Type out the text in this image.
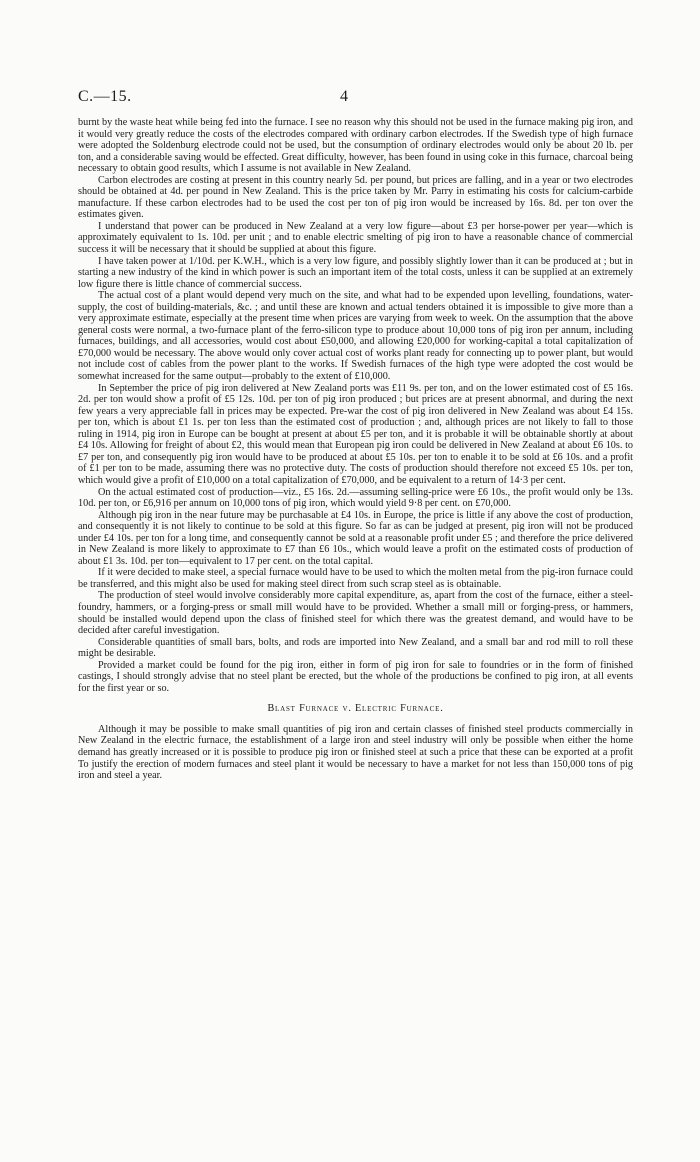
C.—15.	4

burnt by the waste heat while being fed into the furnace. I see no reason why this should not be used in the furnace making pig iron, and it would very greatly reduce the costs of the electrodes compared with ordinary carbon electrodes. If the Swedish type of high furnace were adopted the Soldenburg electrode could not be used, but the consumption of ordinary electrodes would only be about 20 lb. per ton, and a considerable saving would be effected. Great difficulty, however, has been found in using coke in this furnace, charcoal being necessary to obtain good results, which I assume is not available in New Zealand.

Carbon electrodes are costing at present in this country nearly 5d. per pound, but prices are falling, and in a year or two electrodes should be obtained at 4d. per pound in New Zealand. This is the price taken by Mr. Parry in estimating his costs for calcium-carbide manufacture. If these carbon electrodes had to be used the cost per ton of pig iron would be increased by 16s. 8d. per ton over the estimates given.

I understand that power can be produced in New Zealand at a very low figure—about £3 per horse-power per year—which is approximately equivalent to 1s. 10d. per unit ; and to enable electric smelting of pig iron to have a reasonable chance of commercial success it will be necessary that it should be supplied at about this figure.

I have taken power at 1/10d. per K.W.H., which is a very low figure, and possibly slightly lower than it can be produced at ; but in starting a new industry of the kind in which power is such an important item of the total costs, unless it can be supplied at an extremely low figure there is little chance of commercial success.

The actual cost of a plant would depend very much on the site, and what had to be expended upon levelling, foundations, water-supply, the cost of building-materials, &c. ; and until these are known and actual tenders obtained it is impossible to give more than a very approximate estimate, especially at the present time when prices are varying from week to week. On the assumption that the above general costs were normal, a two-furnace plant of the ferro-silicon type to produce about 10,000 tons of pig iron per annum, including furnaces, buildings, and all accessories, would cost about £50,000, and allowing £20,000 for working-capital a total capitalization of £70,000 would be necessary. The above would only cover actual cost of works plant ready for connecting up to power plant, but would not include cost of cables from the power plant to the works. If Swedish furnaces of the high type were adopted the cost would be somewhat increased for the same output—probably to the extent of £10,000.

In September the price of pig iron delivered at New Zealand ports was £11 9s. per ton, and on the lower estimated cost of £5 16s. 2d. per ton would show a profit of £5 12s. 10d. per ton of pig iron produced ; but prices are at present abnormal, and during the next few years a very appreciable fall in prices may be expected. Pre-war the cost of pig iron delivered in New Zealand was about £4 15s. per ton, which is about £1 1s. per ton less than the estimated cost of production ; and, although prices are not likely to fall to those ruling in 1914, pig iron in Europe can be bought at present at about £5 per ton, and it is probable it will be obtainable shortly at about £4 10s. Allowing for freight of about £2, this would mean that European pig iron could be delivered in New Zealand at about £6 10s. to £7 per ton, and consequently pig iron would have to be produced at about £5 10s. per ton to enable it to be sold at £6 10s. and a profit of £1 per ton to be made, assuming there was no protective duty. The costs of production should therefore not exceed £5 10s. per ton, which would give a profit of £10,000 on a total capitalization of £70,000, and be equivalent to a return of 14·3 per cent.

On the actual estimated cost of production—viz., £5 16s. 2d.—assuming selling-price were £6 10s., the profit would only be 13s. 10d. per ton, or £6,916 per annum on 10,000 tons of pig iron, which would yield 9·8 per cent. on £70,000.

Although pig iron in the near future may be purchasable at £4 10s. in Europe, the price is little if any above the cost of production, and consequently it is not likely to continue to be sold at this figure. So far as can be judged at present, pig iron will not be produced under £4 10s. per ton for a long time, and consequently cannot be sold at a reasonable profit under £5 ; and therefore the price delivered in New Zealand is more likely to approximate to £7 than £6 10s., which would leave a profit on the estimated costs of production of about £1 3s. 10d. per ton—equivalent to 17 per cent. on the total capital.

If it were decided to make steel, a special furnace would have to be used to which the molten metal from the pig-iron furnace could be transferred, and this might also be used for making steel direct from such scrap steel as is obtainable.

The production of steel would involve considerably more capital expenditure, as, apart from the cost of the furnace, either a steel-foundry, hammers, or a forging-press or small mill would have to be provided. Whether a small mill or forging-press, or hammers, should be installed would depend upon the class of finished steel for which there was the greatest demand, and would have to be decided after careful investigation.

Considerable quantities of small bars, bolts, and rods are imported into New Zealand, and a small bar and rod mill to roll these might be desirable.

Provided a market could be found for the pig iron, either in form of pig iron for sale to foundries or in the form of finished castings, I should strongly advise that no steel plant be erected, but the whole of the productions be confined to pig iron, at all events for the first year or so.

Blast Furnace v. Electric Furnace.

Although it may be possible to make small quantities of pig iron and certain classes of finished steel products commercially in New Zealand in the electric furnace, the establishment of a large iron and steel industry will only be possible when either the home demand has greatly increased or it is possible to produce pig iron or finished steel at such a price that these can be exported at a profit To justify the erection of modern furnaces and steel plant it would be necessary to have a market for not less than 150,000 tons of pig iron and steel a year.
